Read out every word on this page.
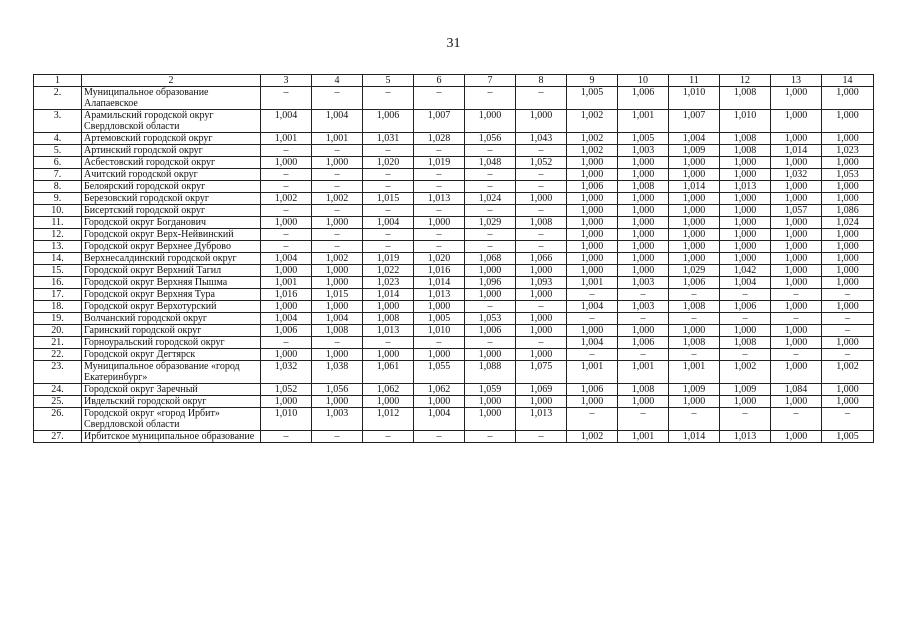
31
1	2	3	4	5	6	7	8	9	10	11	12	13	14
2.	Муниципальное образование Алапаевское	–	–	–	–	–	–	1,005	1,006	1,010	1,008	1,000	1,000
3.	Арамильский городской округ Свердловской области	1,004	1,004	1,006	1,007	1,000	1,000	1,002	1,001	1,007	1,010	1,000	1,000
4.	Артемовский городской округ	1,001	1,001	1,031	1,028	1,056	1,043	1,002	1,005	1,004	1,008	1,000	1,000
5.	Артинский городской округ	–	–	–	–	–	–	1,002	1,003	1,009	1,008	1,014	1,023
6.	Асбестовский городской округ	1,000	1,000	1,020	1,019	1,048	1,052	1,000	1,000	1,000	1,000	1,000	1,000
7.	Ачитский городской округ	–	–	–	–	–	–	1,000	1,000	1,000	1,000	1,032	1,053
8.	Белоярский городской округ	–	–	–	–	–	–	1,006	1,008	1,014	1,013	1,000	1,000
9.	Березовский городской округ	1,002	1,002	1,015	1,013	1,024	1,000	1,000	1,000	1,000	1,000	1,000	1,000
10.	Бисертский городской округ	–	–	–	–	–	–	1,000	1,000	1,000	1,000	1,057	1,086
11.	Городской округ Богданович	1,000	1,000	1,004	1,000	1,029	1,008	1,000	1,000	1,000	1,000	1,000	1,024
12.	Городской округ Верх-Нейвинский	–	–	–	–	–	–	1,000	1,000	1,000	1,000	1,000	1,000
13.	Городской округ Верхнее Дуброво	–	–	–	–	–	–	1,000	1,000	1,000	1,000	1,000	1,000
14.	Верхнесалдинский городской округ	1,004	1,002	1,019	1,020	1,068	1,066	1,000	1,000	1,000	1,000	1,000	1,000
15.	Городской округ Верхний Тагил	1,000	1,000	1,022	1,016	1,000	1,000	1,000	1,000	1,029	1,042	1,000	1,000
16.	Городской округ Верхняя Пышма	1,001	1,000	1,023	1,014	1,096	1,093	1,001	1,003	1,006	1,004	1,000	1,000
17.	Городской округ Верхняя Тура	1,016	1,015	1,014	1,013	1,000	1,000	–	–	–	–	–	–
18.	Городской округ Верхотурский	1,000	1,000	1,000	1,000	–	–	1,004	1,003	1,008	1,006	1,000	1,000
19.	Волчанский городской округ	1,004	1,004	1,008	1,005	1,053	1,000	–	–	–	–	–	–
20.	Гаринский городской округ	1,006	1,008	1,013	1,010	1,006	1,000	1,000	1,000	1,000	1,000	1,000	–
21.	Горноуральский городской округ	–	–	–	–	–	–	1,004	1,006	1,008	1,008	1,000	1,000
22.	Городской округ Дегтярск	1,000	1,000	1,000	1,000	1,000	1,000	–	–	–	–	–	–
23.	Муниципальное образование «город Екатеринбург»	1,032	1,038	1,061	1,055	1,088	1,075	1,001	1,001	1,001	1,002	1,000	1,002
24.	Городской округ Заречный	1,052	1,056	1,062	1,062	1,059	1,069	1,006	1,008	1,009	1,009	1,084	1,000
25.	Ивдельский городской округ	1,000	1,000	1,000	1,000	1,000	1,000	1,000	1,000	1,000	1,000	1,000	1,000
26.	Городской округ «город Ирбит» Свердловской области	1,010	1,003	1,012	1,004	1,000	1,013	–	–	–	–	–	–
27.	Ирбитское муниципальное образование	–	–	–	–	–	–	1,002	1,001	1,014	1,013	1,000	1,005
